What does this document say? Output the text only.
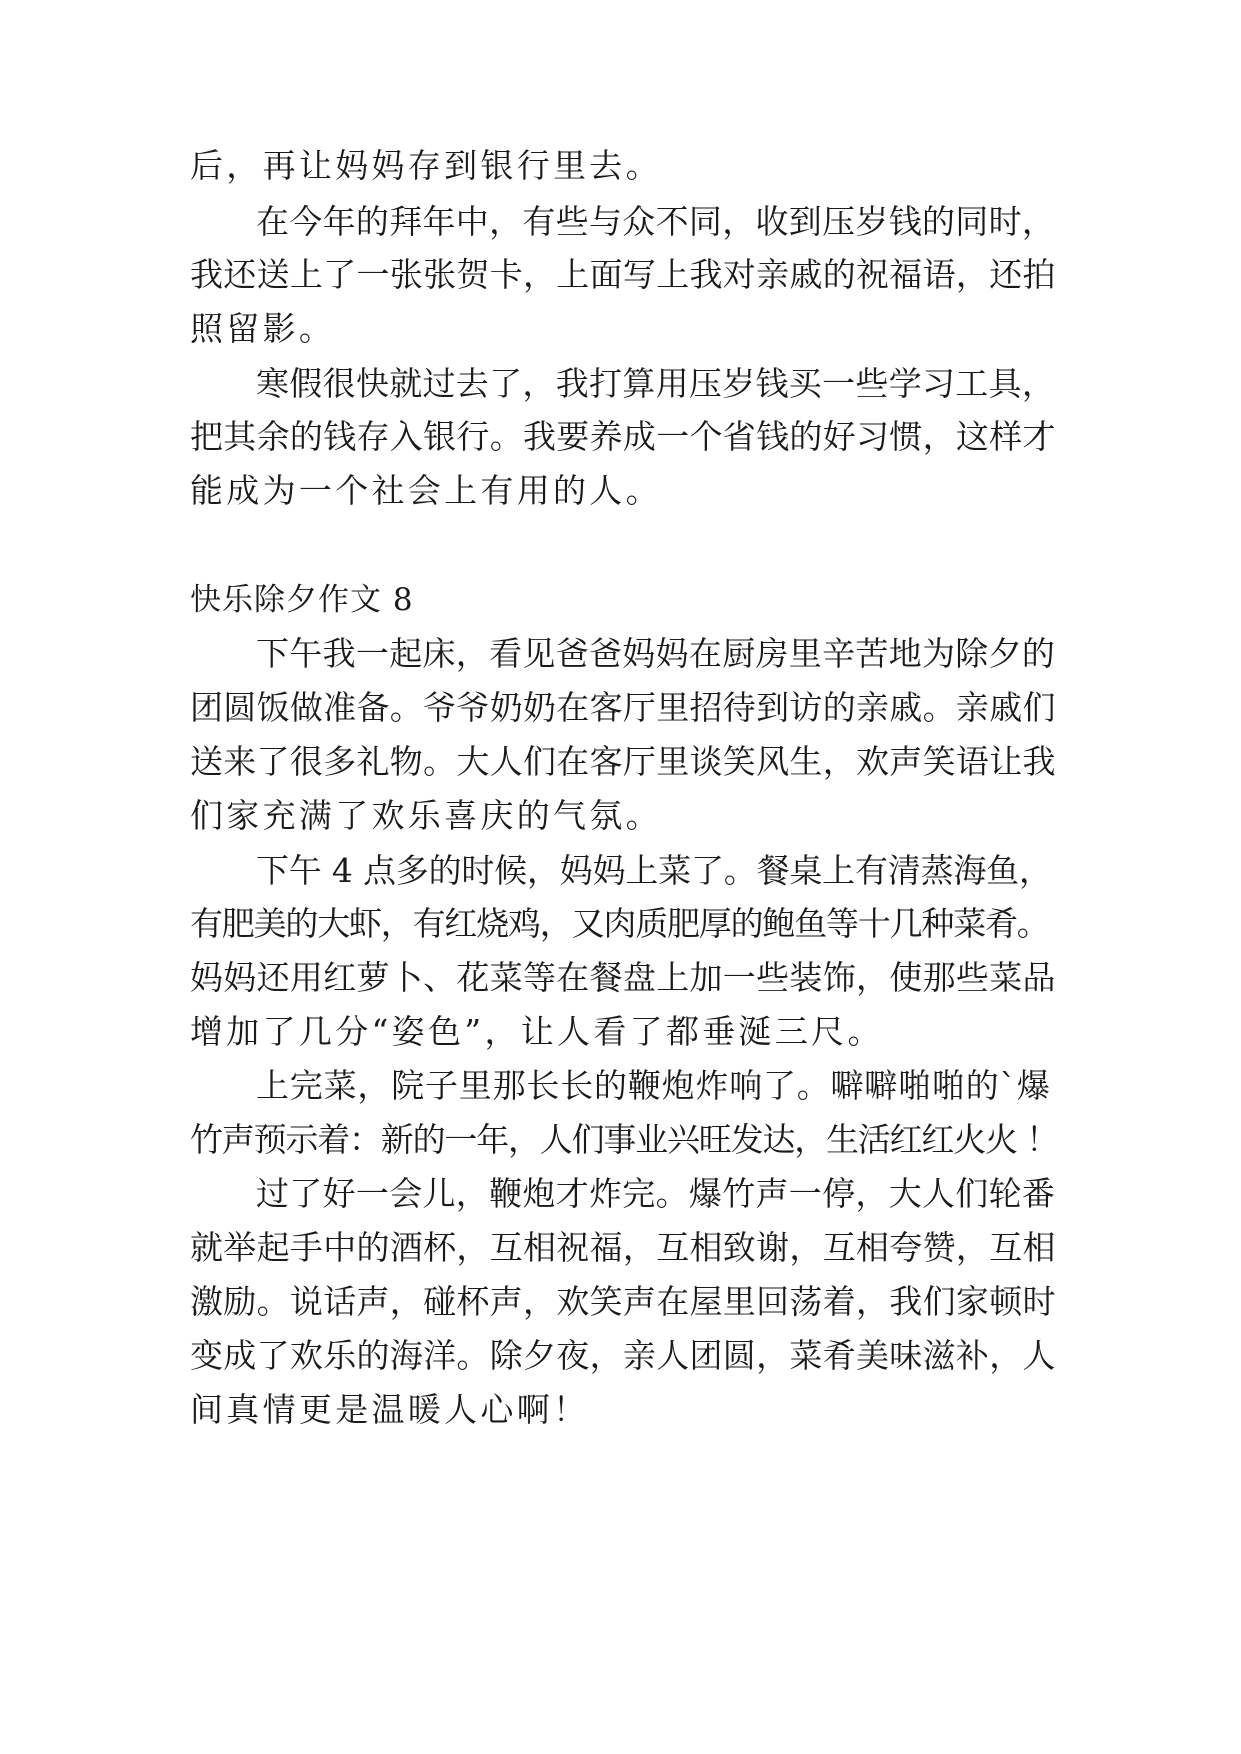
后，再让妈妈存到银行里去。
在今年的拜年中，有些与众不同，收到压岁钱的同时，
我还送上了一张张贺卡，上面写上我对亲戚的祝福语，还拍
照留影。
寒假很快就过去了，我打算用压岁钱买一些学习工具，
把其余的钱存入银行。我要养成一个省钱的好习惯，这样才
能成为一个社会上有用的人。
快乐除夕作文 8
下午我一起床，看见爸爸妈妈在厨房里辛苦地为除夕的
团圆饭做准备。爷爷奶奶在客厅里招待到访的亲戚。亲戚们
送来了很多礼物。大人们在客厅里谈笑风生，欢声笑语让我
们家充满了欢乐喜庆的气氛。
下午 4 点多的时候，妈妈上菜了。餐桌上有清蒸海鱼，
有肥美的大虾，有红烧鸡，又肉质肥厚的鲍鱼等十几种菜肴。
妈妈还用红萝卜、花菜等在餐盘上加一些装饰，使那些菜品
增加了几分“姿色”，让人看了都垂涎三尺。
上完菜，院子里那长长的鞭炮炸响了。噼噼啪啪的`爆
竹声预示着：新的一年，人们事业兴旺发达，生活红红火火 ！
过了好一会儿，鞭炮才炸完。爆竹声一停，大人们轮番
就举起手中的酒杯，互相祝福，互相致谢，互相夸赞，互相
激励。说话声，碰杯声，欢笑声在屋里回荡着，我们家顿时
变成了欢乐的海洋。除夕夜，亲人团圆，菜肴美味滋补，人
间真情更是温暖人心啊！
